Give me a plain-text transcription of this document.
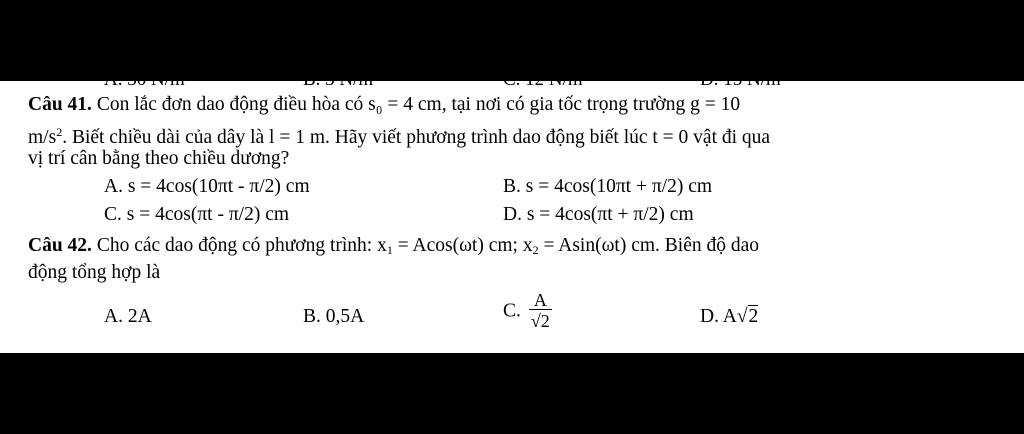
A. 30 N/m	B. 3 N/m	C. 12 N/m	D. 15 N/m
Câu 41. Con lắc đơn dao động điều hòa có s₀ = 4 cm, tại nơi có gia tốc trọng trường g = 10
$m/s^2$. Biết chiều dài của dây là l = 1 m. Hãy viết phương trình dao động biết lúc t = 0 vật đi qua
vị trí cân bằng theo chiều dương?
A. s = 4cos(10πt - π/2) cm	B. s = 4cos(10πt + π/2) cm
C. s = 4cos(πt - π/2) cm	D. s = 4cos(πt + π/2) cm
Câu 42. Cho các dao động có phương trình: $x_1 = Acos(\omega t)$ cm; $x_2 = Asin(\omega t)$ cm. Biên độ dao
động tổng hợp là
A. 2A	B. 0,5A	C. $\frac{A}{√2}$	D. A√2
